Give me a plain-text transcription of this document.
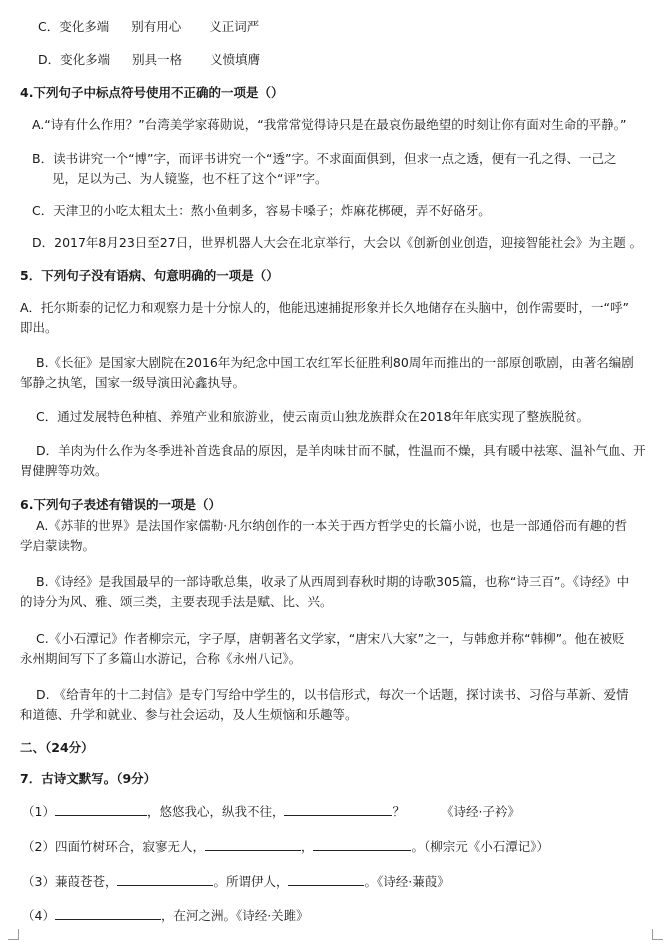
C．变化多端 别有用心 义正词严
D．变化多端 别具一格 义愤填膺
4.下列句子中标点符号使用不正确的一项是（）
A.“诗有什么作用？”台湾美学家蒋勋说，“我常常觉得诗只是在最哀伤最绝望的时刻让你有面对生命的平静。”
B．读书讲究一个“博”字，而评书讲究一个“透”字。不求面面俱到，但求一点之透，便有一孔之得、一己之
见，足以为己、为人镜鉴，也不枉了这个“评”字。
C．天津卫的小吃太粗太土：熬小鱼刺多，容易卡嗓子；炸麻花梆硬，弄不好硌牙。
D．2017年8月23日至27日，世界机器人大会在北京举行，大会以《创新创业创造，迎接智能社会》为主题 。
5．下列句子没有语病、句意明确的一项是（）
A．托尔斯泰的记忆力和观察力是十分惊人的，他能迅速捕捉形象并长久地储存在头脑中，创作需要时，一“呼”
即出。
B.《长征》是国家大剧院在2016年为纪念中国工农红军长征胜利80周年而推出的一部原创歌剧，由著名编剧
邹静之执笔，国家一级导演田沁鑫执导。
C．通过发展特色种植、养殖产业和旅游业，使云南贡山独龙族群众在2018年年底实现了整族脱贫。
D．羊肉为什么作为冬季进补首选食品的原因，是羊肉味甘而不腻，性温而不燥，具有暖中祛寒、温补气血、开
胃健脾等功效。
6.下列句子表述有错误的一项是（）
A.《苏菲的世界》是法国作家儒勒·凡尔纳创作的一本关于西方哲学史的长篇小说，也是一部通俗而有趣的哲
学启蒙读物。
B.《诗经》是我国最早的一部诗歌总集，收录了从西周到春秋时期的诗歌305篇，也称“诗三百”。《诗经》中
的诗分为风、雅、颂三类，主要表现手法是赋、比、兴。
C.《小石潭记》作者柳宗元，字子厚，唐朝著名文学家，“唐宋八大家”之一，与韩愈并称“韩柳”。他在被贬
永州期间写下了多篇山水游记，合称《永州八记》。
D. 《给青年的十二封信》是专门写给中学生的，以书信形式，每次一个话题，探讨读书、习俗与革新、爱情
和道德、升学和就业、参与社会运动，及人生烦恼和乐趣等。
二、（24分）
7．古诗文默写。（9分）
（1）	，悠悠我心，纵我不往，	？	《诗经·子衿》
（2）四面竹树环合，寂寥无人，	，	。（柳宗元《小石潭记》）
（3）蒹葭苍苍，	。所谓伊人，	。《诗经·蒹葭》
（4）	，在河之洲。《诗经·关雎》
